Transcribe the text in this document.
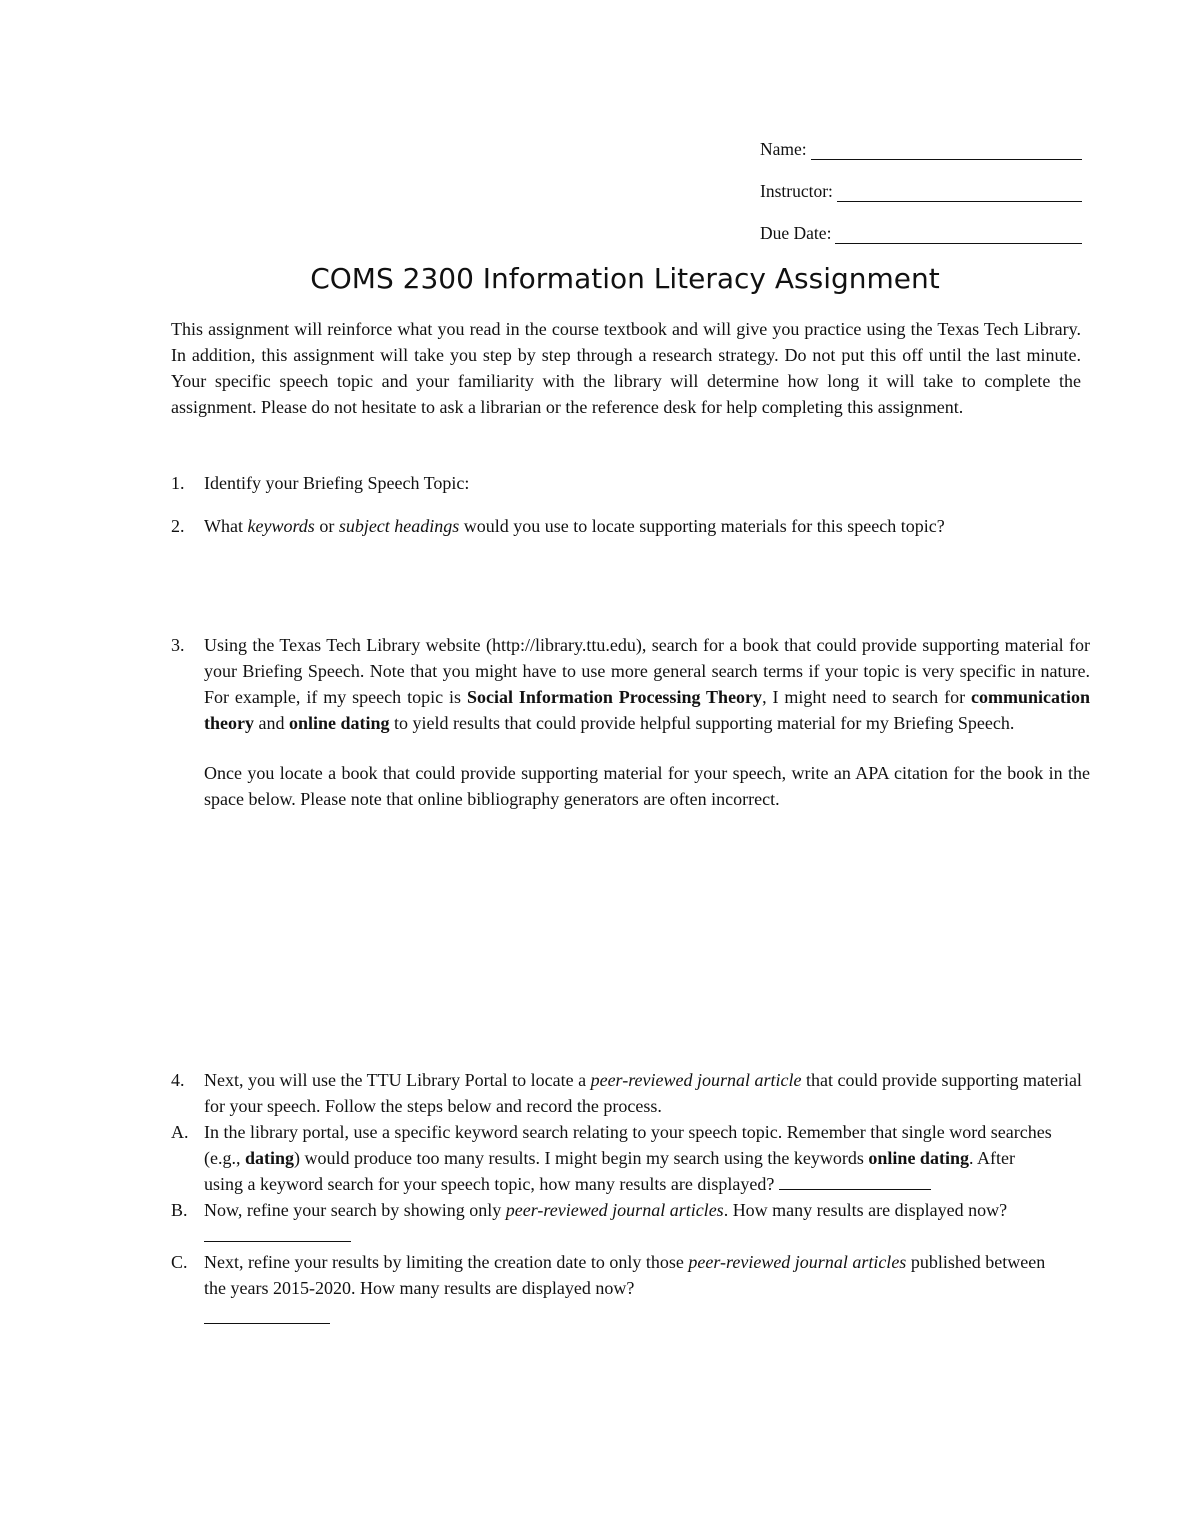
Name:
Instructor:
Due Date:
COMS 2300 Information Literacy Assignment
This assignment will reinforce what you read in the course textbook and will give you practice using the Texas Tech Library. In addition, this assignment will take you step by step through a research strategy. Do not put this off until the last minute. Your specific speech topic and your familiarity with the library will determine how long it will take to complete the assignment. Please do not hesitate to ask a librarian or the reference desk for help completing this assignment.
1.	Identify your Briefing Speech Topic:
2.	What keywords or subject headings would you use to locate supporting materials for this speech topic?
3.	Using the Texas Tech Library website (http://library.ttu.edu), search for a book that could provide supporting material for your Briefing Speech. Note that you might have to use more general search terms if your topic is very specific in nature. For example, if my speech topic is Social Information Processing Theory, I might need to search for communication theory and online dating to yield results that could provide helpful supporting material for my Briefing Speech.
Once you locate a book that could provide supporting material for your speech, write an APA citation for the book in the space below. Please note that online bibliography generators are often incorrect.
4.	Next, you will use the TTU Library Portal to locate a peer-reviewed journal article that could provide supporting material for your speech. Follow the steps below and record the process.
A. In the library portal, use a specific keyword search relating to your speech topic. Remember that single word searches (e.g., dating) would produce too many results. I might begin my search using the keywords online dating. After using a keyword search for your speech topic, how many results are displayed?
B. Now, refine your search by showing only peer-reviewed journal articles. How many results are displayed now?
C. Next, refine your results by limiting the creation date to only those peer-reviewed journal articles published between the years 2015-2020. How many results are displayed now?
